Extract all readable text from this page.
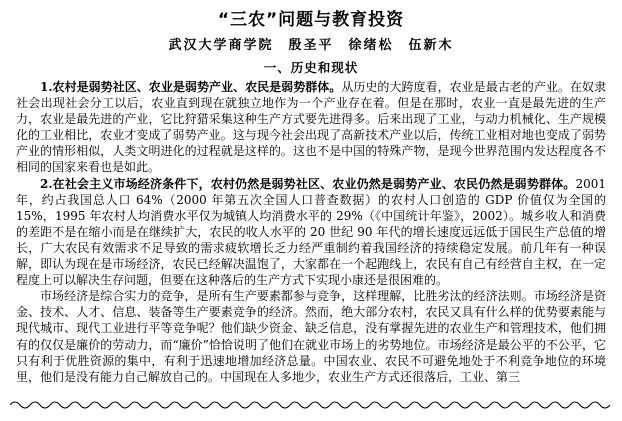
“三农”问题与教育投资
武汉大学商学院　殷圣平　徐绪松　伍新木
一、历史和现状

1.农村是弱势社区、农业是弱势产业、农民是弱势群体。从历史的大跨度看，农业是最古老的产业。在奴隶社会出现社会分工以后，农业直到现在就独立地作为一个产业存在着。但是在那时，农业一直是最先进的生产力，农业是最先进的产业，它比狩猎采集这种生产方式要先进得多。后来出现了工业，与动力机械化、生产规模化的工业相比，农业才变成了弱势产业。这与现今社会出现了高新技术产业以后，传统工业相对地也变成了弱势产业的情形相似，人类文明进化的过程就是这样的。这也不是中国的特殊产物，是现今世界范围内发达程度各不相同的国家来看也是如此。

2.在社会主义市场经济条件下，农村仍然是弱势社区、农业仍然是弱势产业、农民仍然是弱势群体。2001 年，约占我国总人口 64%（2000 年第五次全国人口普查数据）的农村人口创造的 GDP 价值仅为全国的 15%，1995 年农村人均消费水平仅为城镇人均消费水平的 29%（《中国统计年鉴》，2002）。城乡收人和消费的差距不是在缩小而是在继续扩大，农民的收人水平的 20 世纪 90 年代的增长速度远远低于国民生产总值的增长，广大农民有效需求不足导致的需求疲软增长乏力经严重制约着我国经济的持续稳定发展。前几年有一种误解，即认为现在是市场经济，农民已经解决温饱了，大家都在一个起跑线上，农民有自己有经营自主权，在一定程度上可以解决生存问题，但要在这种落后的生产方式下实现小康还是很困难的。

市场经济是综合实力的竞争，是所有生产要素都参与竞争，这样理解，比胜劣汰的经济法则。市场经济是资金、技术、人才、信息、装备等生产要素竞争的经济。然而，绝大部分农村，农民又具有什么样的优势要素能与现代城市、现代工业进行平等竞争呢？他们缺少资金、缺乏信息，没有掌握先进的农业生产和管理技术，他们拥有的仅仅是廉价的劳动力，而“廉价”恰恰说明了他们在就业市场上的劣势地位。市场经济是最公平的不公平，它只有利于优胜资源的集中，有利于迅速地增加经济总量。中国农业、农民不可避免地处于不利竞争地位的环境里，他们是没有能力自己解放自己的。中国现在人多地少，农业生产方式还很落后，工业、第三
